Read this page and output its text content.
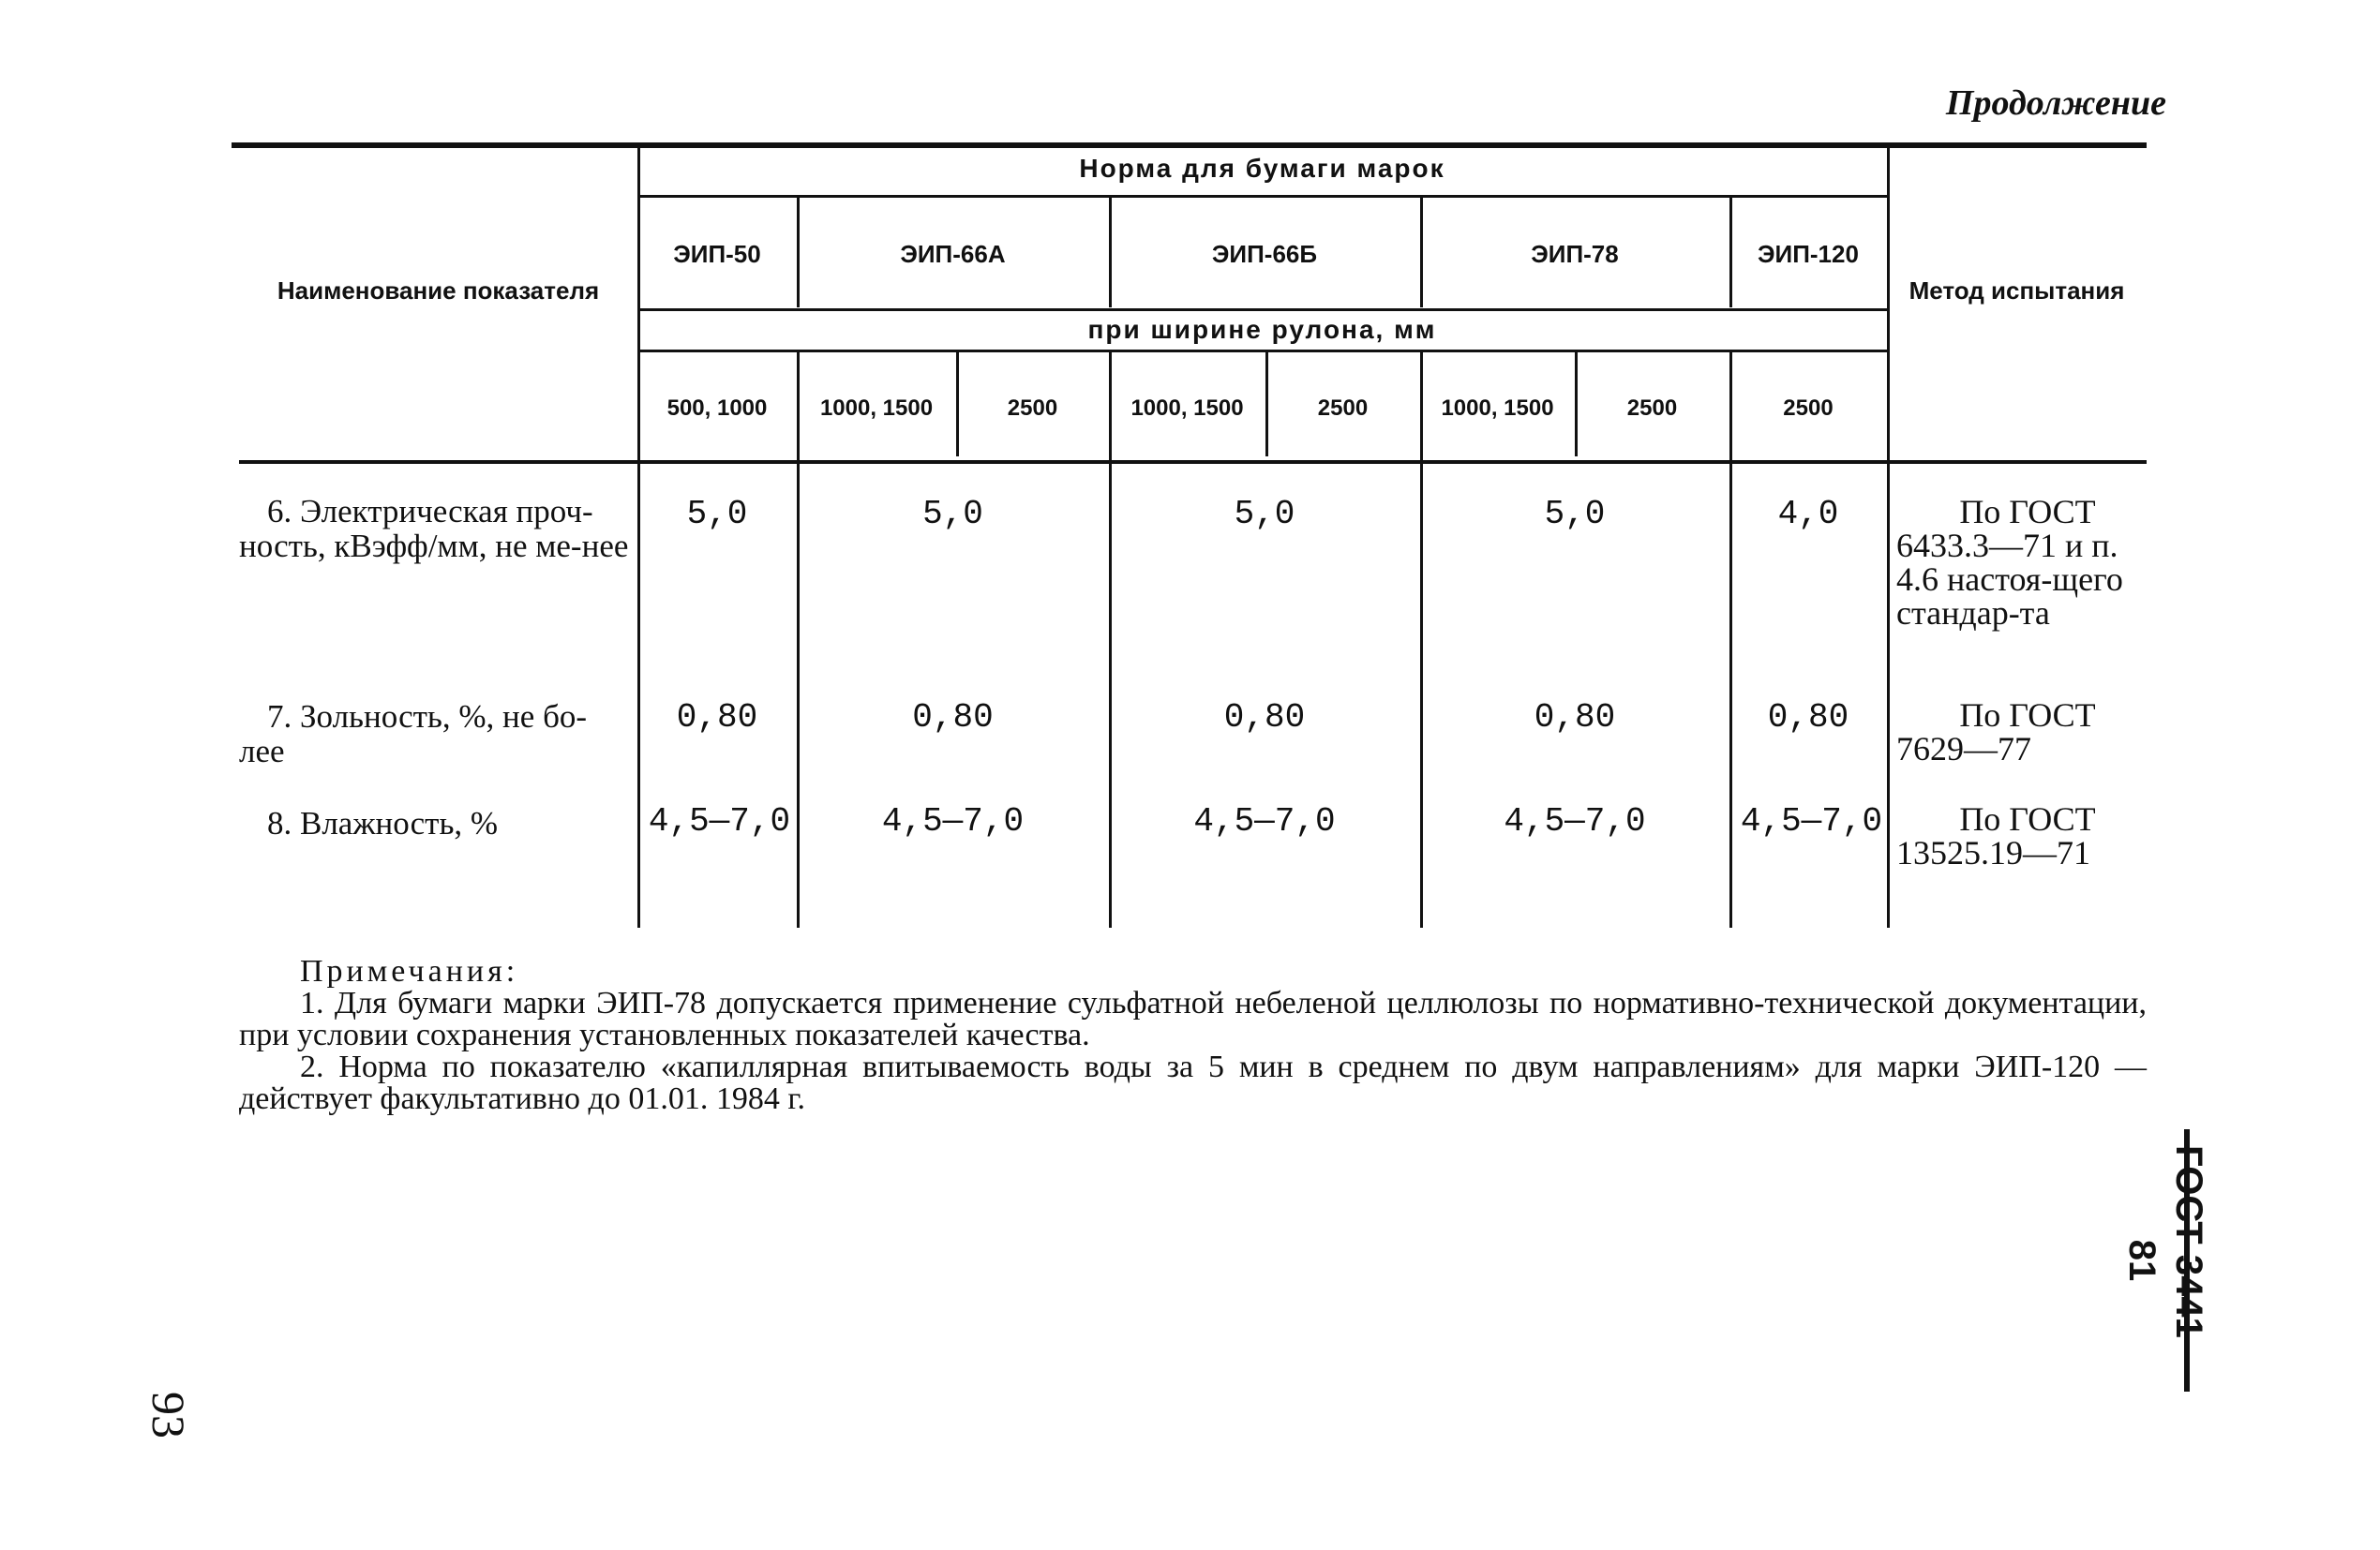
Продолжение
Норма для бумаги марок
Наименование показателя	Метод испытания
ЭИП-50	ЭИП-66А	ЭИП-66Б	ЭИП-78	ЭИП-120
при ширине рулона, мм
500, 1000	1000, 1500	2500	1000, 1500	2500	1000, 1500	2500	2500
6. Электрическая проч-
ность, кВэфф/мм, не ме-нее
5,0	5,0	5,0	5,0	4,0	По ГОСТ
6433.3—71 и п. 4.6 настоя-щего стандар-та
7. Зольность, %, не бо-
лее
0,80	0,80	0,80	0,80	0,80	По ГОСТ
7629—77
8. Влажность, %	4,5—7,0	4,5—7,0	4,5—7,0	4,5—7,0	4,5—7,0	По ГОСТ
13525.19—71
Примечания:
1. Для бумаги марки ЭИП-78 допускается применение сульфатной небеленой целлюлозы по нормативно-технической документации, при условии сохранения установленных показателей качества.
2. Норма по показателю «капиллярная впитываемость воды за 5 мин в среднем по двум направлениям» для марки ЭИП-120 — действует факультативно до 01.01. 1984 г.
ГОСТ 3441—81
93
